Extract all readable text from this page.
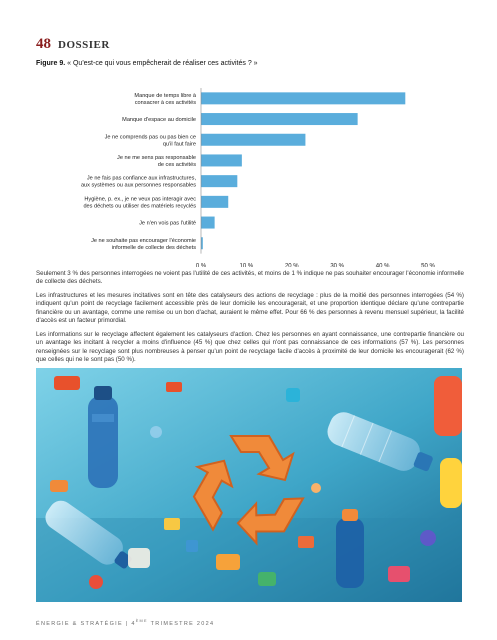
48 DOSSIER
Figure 9. « Qu'est-ce qui vous empêcherait de réaliser ces activités ? »
Manque de temps libre à consacrer à ces activités
Manque d'espace au domicile
Je ne comprends pas ou pas bien ce qu'il faut faire
Je ne me sens pas responsable de ces activités
Je ne fais pas confiance aux infrastructures, aux systèmes ou aux personnes responsables
Hygiène, p. ex., je ne veux pas interagir avec des déchets ou utiliser des matériels recyclés
Je n'en vois pas l'utilité
Je ne souhaite pas encourager l'économie informelle de collecte des déchets
0 %	10 %	20 %	30 %	40 %	50 %

Seulement 3 % des personnes interrogées ne voient pas l'utilité de ces activités, et moins de 1 % indique ne pas souhaiter encourager l'économie informelle de collecte des déchets.

Les infrastructures et les mesures incitatives sont en tête des catalyseurs des actions de recyclage : plus de la moitié des personnes interrogées (54 %) indiquent qu'un point de recyclage facilement accessible près de leur domicile les encouragerait, et une proportion identique déclare qu'une contrepartie financière ou un avantage, comme une remise ou un bon d'achat, auraient le même effet. Pour 66 % des personnes à revenu mensuel supérieur, la facilité d'accès est un facteur primordial.

Les informations sur le recyclage affectent également les catalyseurs d'action. Chez les personnes en ayant connaissance, une contrepartie financière ou un avantage les incitant à recycler a moins d'influence (45 %) que chez celles qui n'ont pas connaissance de ces informations (57 %). Les personnes renseignées sur le recyclage sont plus nombreuses à penser qu'un point de recyclage facile d'accès à proximité de leur domicile les encouragerait (62 %) que celles qui ne le sont pas (50 %).

ÉNERGIE & STRATÉGIE | 4ÈME TRIMESTRE 2024
